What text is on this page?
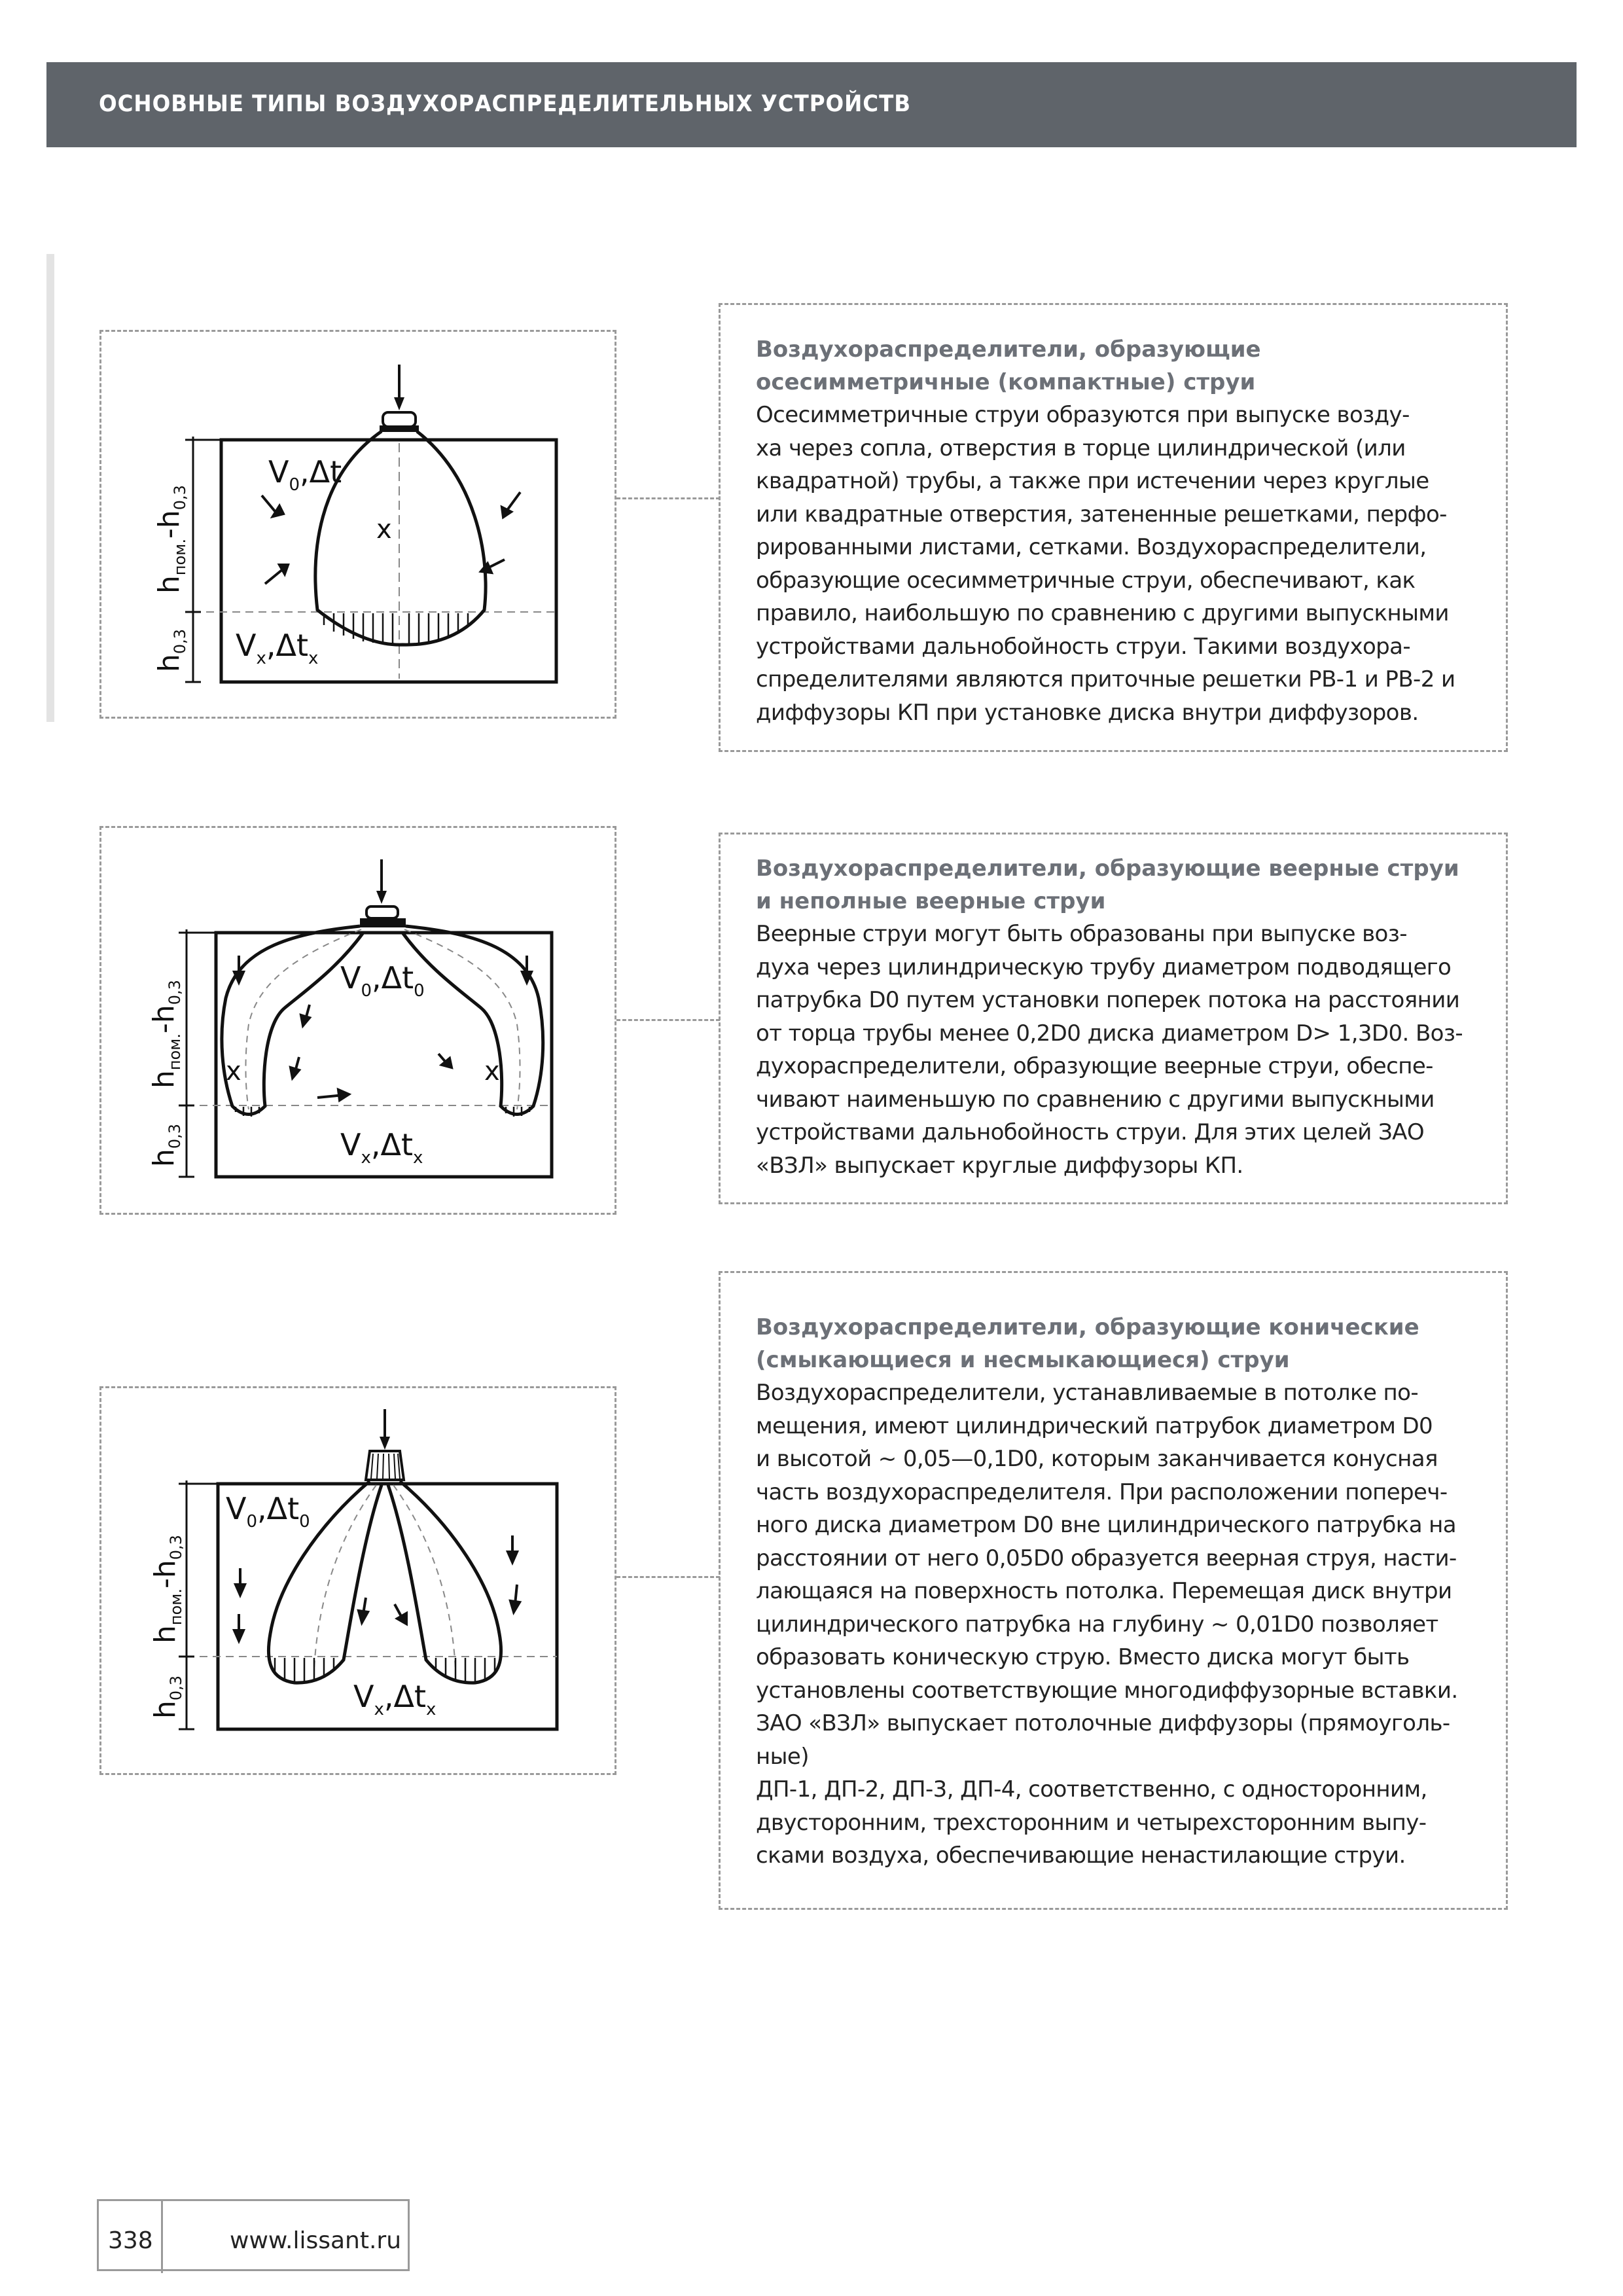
ОСНОВНЫЕ ТИПЫ ВОЗДУХОРАСПРЕДЕЛИТЕЛЬНЫХ УСТРОЙСТВ
x
$V_0,\Delta t$
$V_x,\Delta t_x$
$h_{пом.}-h_{0,3}$
$h_{0,3}$
Воздухораспределители, образующие
осесимметричные (компактные) струи
Осесимметричные струи образуются при выпуске возду-
ха через сопла, отверстия в торце цилиндрической (или
квадратной) трубы, а также при истечении через круглые
или квадратные отверстия, затененные решетками, перфо-
рированными листами, сетками. Воздухораспределители,
образующие осесимметричные струи, обеспечивают, как
правило, наибольшую по сравнению с другими выпускными
устройствами дальнобойность струи. Такими воздухора-
спределителями являются приточные решетки РВ-1 и РВ-2 и
диффузоры КП при установке диска внутри диффузоров.
x	x
$V_0,\Delta t_0$
$V_x,\Delta t_x$
$h_{пом.}-h_{0,3}$
$h_{0,3}$
Воздухораспределители, образующие веерные струи
и неполные веерные струи
Веерные струи могут быть образованы при выпуске воз-
духа через цилиндрическую трубу диаметром подводящего
патрубка D0 путем установки поперек потока на расстоянии
от торца трубы менее 0,2D0 диска диаметром D> 1,3D0. Воз-
духораспределители, образующие веерные струи, обеспе-
чивают наименьшую по сравнению с другими выпускными
устройствами дальнобойность струи. Для этих целей ЗАО
«ВЗЛ» выпускает круглые диффузоры КП.
$V_0,\Delta t_0$
$V_x,\Delta t_x$
$h_{пом.}-h_{0,3}$
$h_{0,3}$
Воздухораспределители, образующие конические
(смыкающиеся и несмыкающиеся) струи
Воздухораспределители, устанавливаемые в потолке по-
мещения, имеют цилиндрический патрубок диаметром D0
и высотой ~ 0,05—0,1D0, которым заканчивается конусная
часть воздухораспределителя. При расположении попереч-
ного диска диаметром D0 вне цилиндрического патрубка на
расстоянии от него 0,05D0 образуется веерная струя, насти-
лающаяся на поверхность потолка. Перемещая диск внутри
цилиндрического патрубка на глубину ~ 0,01D0 позволяет
образовать коническую струю. Вместо диска могут быть
установлены соответствующие многодиффузорные вставки.
ЗАО «ВЗЛ» выпускает потолочные диффузоры (прямоуголь-
ные)
ДП-1, ДП-2, ДП-3, ДП-4, соответственно, с односторонним,
двусторонним, трехсторонним и четырехсторонним выпу-
сками воздуха, обеспечивающие ненастилающие струи.
338	www.lissant.ru
